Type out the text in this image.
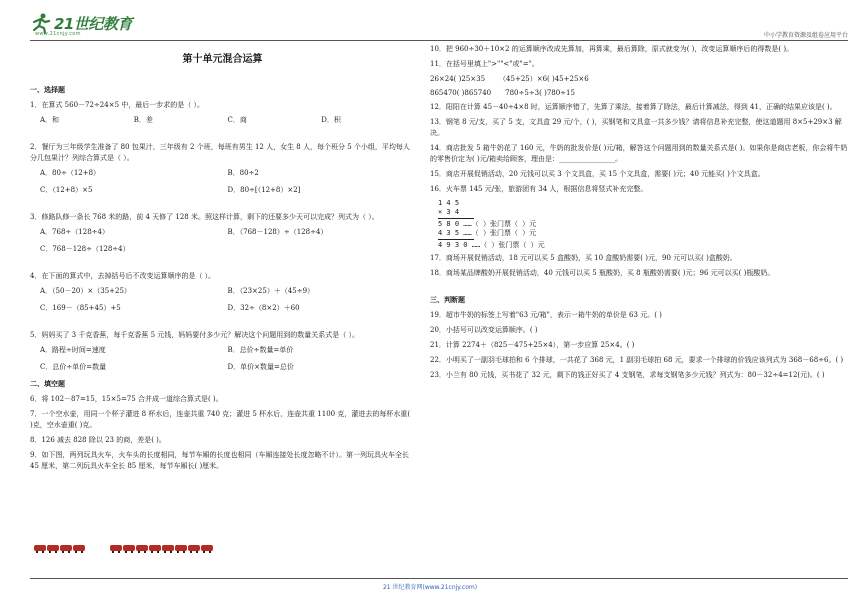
21世纪教育
www.21cnjy.com	中小学教育资源及组卷应用平台
第十单元混合运算
一、选择题
1．在算式 560－72÷24×5 中，最后一步求的是（ ）。
A．和	B．差	C．商	D．积
2．餐厅为三年级学生准备了 80 包果汁，三年级有 2 个班，每班有男生 12 人，女生 8 人，每个班分 5 个小组，平均每人分几包果汁？列综合算式是（ ）。
A．80÷（12+8）	B．80÷2
C．（12+8）×5	D．80÷[（12+8）×2]
3．修路队修一条长 768 米的路，前 4 天修了 128 米。照这样计算，剩下的还要多少天可以完成？列式为（ ）。
A．768÷（128÷4）	B．（768－128）÷（128÷4）
C．768－128÷（128÷4）
4．在下面的算式中，去掉括号后不改变运算顺序的是（ ）。
A．（50－20）×（35+25）	B．（23×25）＋（45÷9）
C．169－（85+45）+5	D．32÷（8×2）＋60
5．妈妈买了 3 千克香蕉，每千克香蕉 5 元钱，妈妈要付多少元？解决这个问题用到的数量关系式是（ ）。
A．路程÷时间=速度	B．总价÷数量=单价
C．总价÷单价=数量	D．单价×数量=总价
二、填空题
6．将 102－87=15，15×5=75 合并成一道综合算式是( )。
7．一个空水壶，用同一个杯子灌进 8 杯水后，连壶共重 740 克；灌进 5 杯水后，连壶共重 1100 克，灌进去的每杯水重( )克，空水壶重( )克。
8．126 减去 828 除以 23 的商，差是( )。
9．如下图，两列玩具火车，火车头的长度相同，每节车厢的长度也相同（车厢连接处长度忽略不计）。第一列玩具火车全长 45 厘米，第二列玩具火车全长 85 厘米，每节车厢长( )厘米。
10．把 960÷30＋10×2 的运算顺序改成先算加，再算乘，最后算除，原式就变为( )，改变运算顺序后的得数是( )。
11．在括号里填上">""<"或"="。
26×24( )25×35 （45+25）×6( )45+25×6
865470( )865740 780÷5÷3( )780÷15
12．阳阳在计算 45－40÷4×8 时，运算顺序错了，先算了乘法，接着算了除法，最后计算减法，得到 41，正确的结果应该是( )。
13．钢笔 8 元/支，买了 5 支，文具盒 29 元/个，( )，买钢笔和文具盒一共多少钱？请将信息补充完整，使这道题用 8×5+29×3 解决。
14．商店批发 5 箱牛奶花了 160 元，牛奶的批发价是( )元/箱，解答这个问题用到的数量关系式是( )。如果你是商店老板，你会将牛奶的零售价定为( )元/箱卖给顾客，理由是：________________。
15．商店开展促销活动，20 元钱可以买 3 个文具盒，买 15 个文具盒，需要( )元；40 元能买( )个文具盒。
16．火车票 145 元/张，旅游团有 34 人，根据信息将竖式补充完整。
1 4 5
× 3 4
5 8 0 ……（ ）张门票（ ）元
4 3 5 ……（ ）张门票（ ）元
4 9 3 0 ……（ ）张门票（ ）元
17．商场开展促销活动，18 元可以买 5 盒酸奶，买 10 盒酸奶需要( )元，90 元可以买( )盒酸奶。
18．商场某品牌酸奶开展促销活动，40 元钱可以买 5 瓶酸奶，买 8 瓶酸奶需要( )元；96 元可以买( )瓶酸奶。
三、判断题
19．超市牛奶的标签上写着"63 元/箱"，表示一箱牛奶的单价是 63 元。( )
20．小括号可以改变运算顺序。( )
21．计算 2274＋（825－475+25×4），第一步应算 25×4。( )
22．小明买了一副羽毛球拍和 6 个排球，一共花了 368 元，1 副羽毛球拍 68 元，要求一个排球的价钱应该列式为 368－68÷6。( )
23．小兰有 80 元钱，买书花了 32 元，剩下的钱正好买了 4 支钢笔，求每支钢笔多少元钱？列式为：80－32÷4=12(元)。( )
21 世纪教育网(www.21cnjy.com)
